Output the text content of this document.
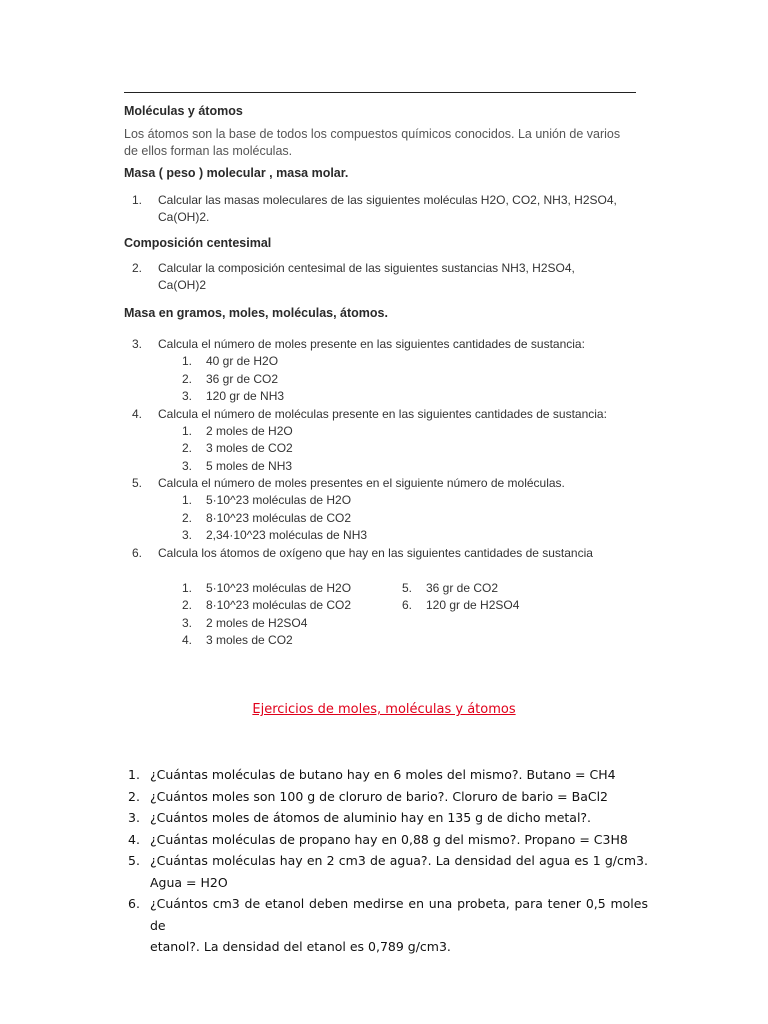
Moléculas y átomos

Los átomos son la base de todos los compuestos químicos conocidos. La unión de varios

de ellos forman las moléculas.

Masa ( peso ) molecular , masa molar.

1.	Calcular las masas moleculares de las siguientes moléculas H2O, CO2, NH3, H2SO4,
Ca(OH)2.

Composición centesimal

2.	Calcular la composición centesimal de las siguientes sustancias NH3, H2SO4,
Ca(OH)2

Masa en gramos, moles, moléculas, átomos.

3.	Calcula el número de moles presente en las siguientes cantidades de sustancia:
1.	40 gr de H2O
2.	36 gr de CO2
3.	120 gr de NH3
4.	Calcula el número de moléculas presente en las siguientes cantidades de sustancia:
1.	2 moles de H2O
2.	3 moles de CO2
3.	5 moles de NH3
5.	Calcula el número de moles presentes en el siguiente número de moléculas.
1.	5·10^23 moléculas de H2O
2.	8·10^23 moléculas de CO2
3.	2,34·10^23 moléculas de NH3
6.	Calcula los átomos de oxígeno que hay en las siguientes cantidades de sustancia
1.	5·10^23 moléculas de H2O
2.	8·10^23 moléculas de CO2
3.	2 moles de H2SO4
4.	3 moles de CO2
5.	36 gr de CO2
6.	120 gr de H2SO4
Ejercicios de moles, moléculas y átomos
1. ¿Cuántas moléculas de butano hay en 6 moles del mismo?. Butano = CH4
2. ¿Cuántos moles son 100 g de cloruro de bario?. Cloruro de bario = BaCl2
3. ¿Cuántos moles de átomos de aluminio hay en 135 g de dicho metal?.
4. ¿Cuántas moléculas de propano hay en 0,88 g del mismo?. Propano = C3H8
5. ¿Cuántas moléculas hay en 2 cm3 de agua?. La densidad del agua es 1 g/cm3.
Agua = H2O
6. ¿Cuántos cm3 de etanol deben medirse en una probeta, para tener 0,5 moles de
etanol?. La densidad del etanol es 0,789 g/cm3.
